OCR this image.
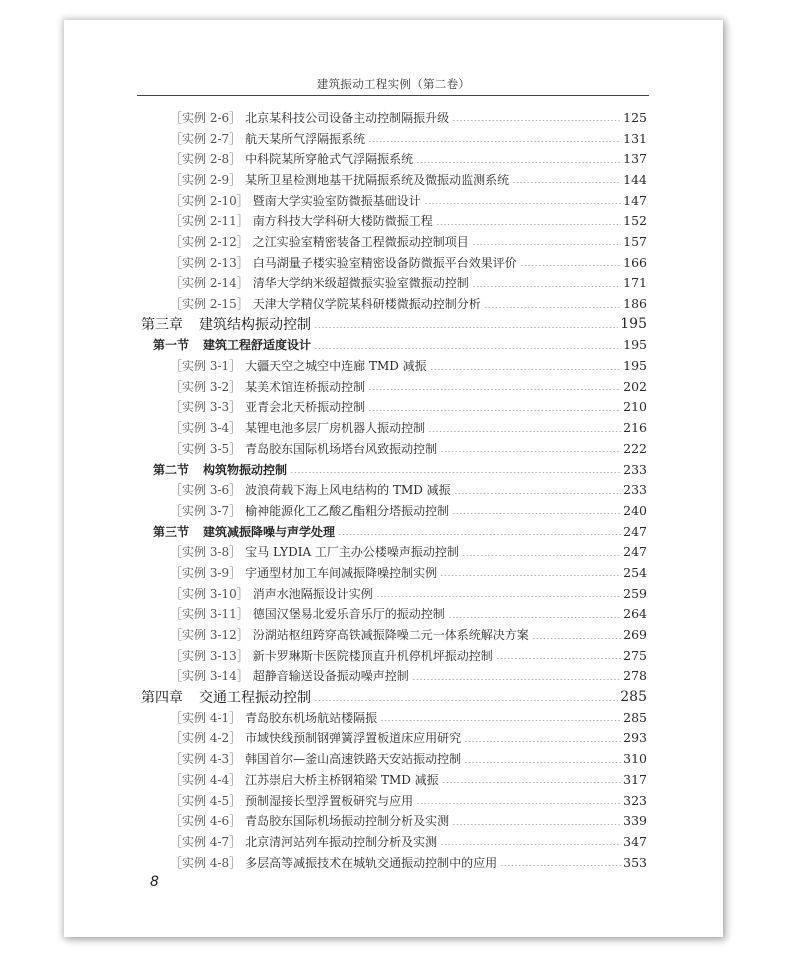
建筑振动工程实例（第二卷）
［实例 2-6］ 北京某科技公司设备主动控制隔振升级	125
［实例 2-7］ 航天某所气浮隔振系统	131
［实例 2-8］ 中科院某所穿舱式气浮隔振系统	137
［实例 2-9］ 某所卫星检测地基干扰隔振系统及微振动监测系统	144
［实例 2-10］ 暨南大学实验室防微振基础设计	147
［实例 2-11］ 南方科技大学科研大楼防微振工程	152
［实例 2-12］ 之江实验室精密装备工程微振动控制项目	157
［实例 2-13］ 白马湖量子楼实验室精密设备防微振平台效果评价	166
［实例 2-14］ 清华大学纳米级超微振实验室微振动控制	171
［实例 2-15］ 天津大学精仪学院某科研楼微振动控制分析	186
第三章 建筑结构振动控制	195
第一节 建筑工程舒适度设计	195
［实例 3-1］ 大疆天空之城空中连廊 TMD 减振	195
［实例 3-2］ 某美术馆连桥振动控制	202
［实例 3-3］ 亚青会北天桥振动控制	210
［实例 3-4］ 某锂电池多层厂房机器人振动控制	216
［实例 3-5］ 青岛胶东国际机场塔台风致振动控制	222
第二节 构筑物振动控制	233
［实例 3-6］ 波浪荷载下海上风电结构的 TMD 减振	233
［实例 3-7］ 榆神能源化工乙酸乙酯粗分塔振动控制	240
第三节 建筑减振降噪与声学处理	247
［实例 3-8］ 宝马 LYDIA 工厂主办公楼噪声振动控制	247
［实例 3-9］ 宇通型材加工车间减振降噪控制实例	254
［实例 3-10］ 消声水池隔振设计实例	259
［实例 3-11］ 德国汉堡易北爱乐音乐厅的振动控制	264
［实例 3-12］ 汾湖站枢纽跨穿高铁减振降噪二元一体系统解决方案	269
［实例 3-13］ 新卡罗琳斯卡医院楼顶直升机停机坪振动控制	275
［实例 3-14］ 超静音输送设备振动噪声控制	278
第四章 交通工程振动控制	285
［实例 4-1］ 青岛胶东机场航站楼隔振	285
［实例 4-2］ 市域快线预制钢弹簧浮置板道床应用研究	293
［实例 4-3］ 韩国首尔—釜山高速铁路天安站振动控制	310
［实例 4-4］ 江苏崇启大桥主桥钢箱梁 TMD 减振	317
［实例 4-5］ 预制湿接长型浮置板研究与应用	323
［实例 4-6］ 青岛胶东国际机场振动控制分析及实测	339
［实例 4-7］ 北京清河站列车振动控制分析及实测	347
［实例 4-8］ 多层高等减振技术在城轨交通振动控制中的应用	353
8
